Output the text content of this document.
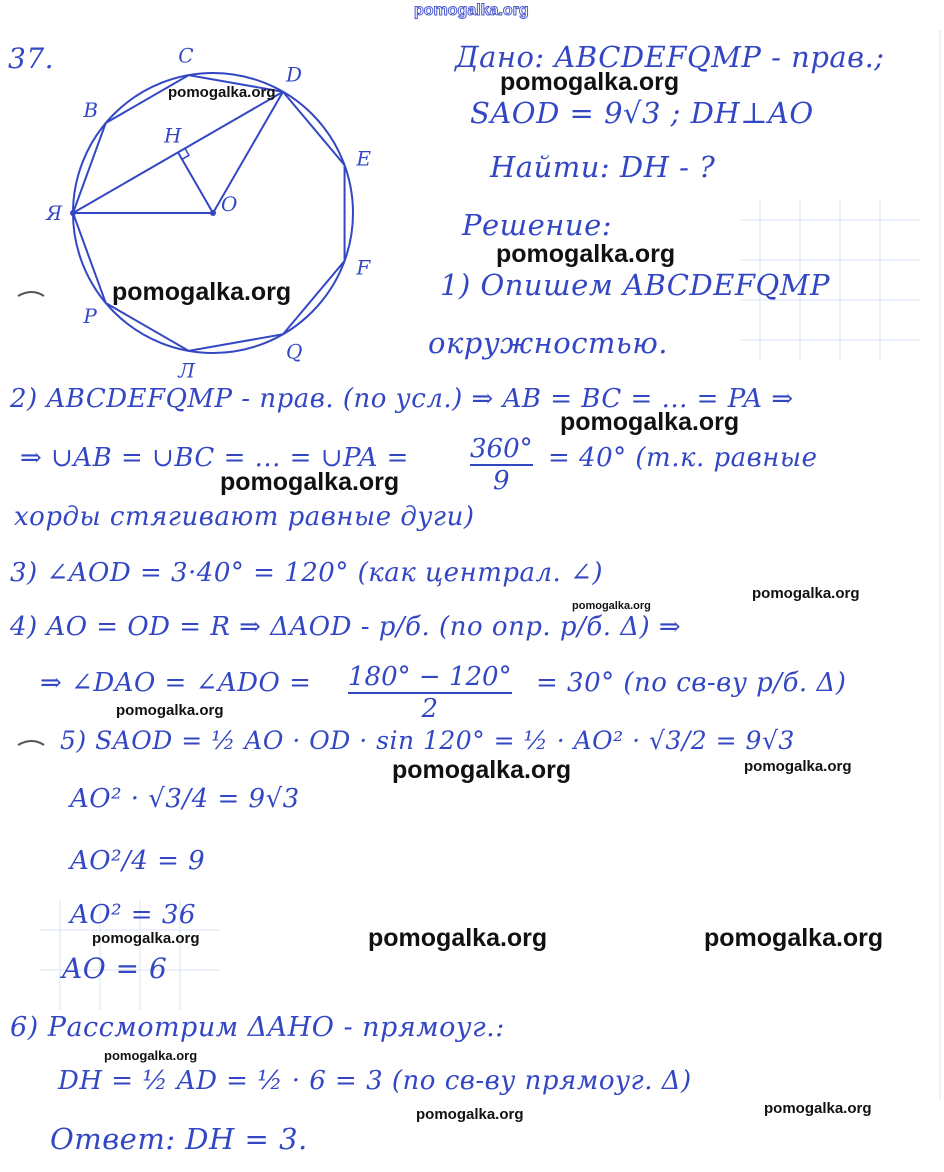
Я
B
C
D
E
F
Q
Л
P
O
H
pomogalka.org
37.	Дано: ABCDEFQMP - прав.;
SAOD = 9√3 ; DH⊥AO
Найти: DH - ?
Решение:
1) Опишем ABCDEFQMP
окружностью.
2) ABCDEFQMP - прав. (по усл.) ⇒ AB = BC = ... = PA ⇒
⇒ ∪AB = ∪BC = ... = ∪PA = 360°
9
= 40° (т.к. равные
хорды стягивают равные дуги)
3) ∠AOD = 3·40° = 120° (как централ. ∠)
4) AO = OD = R ⇒ ΔAOD - р/б. (по опр. р/б. Δ) ⇒
⇒ ∠DAO = ∠ADO = 180° − 120°
2
= 30° (по св-ву р/б. Δ)
5) SAOD = ½ AO · OD · sin 120° = ½ · AO² · √3/2 = 9√3
AO² · √3/4 = 9√3
AO²/4 = 9
AO² = 36
AO = 6
6) Рассмотрим ΔAHO - прямоуг.:
DH = ½ AD = ½ · 6 = 3 (по св-ву прямоуг. Δ)
Ответ: DH = 3.
pomogalka.org	pomogalka.org
pomogalka.org
pomogalka.org
pomogalka.org
pomogalka.org
pomogalka.org
pomogalka.org
pomogalka.org
pomogalka.org	pomogalka.org
pomogalka.org	pomogalka.org	pomogalka.org
pomogalka.org
pomogalka.org	pomogalka.org
